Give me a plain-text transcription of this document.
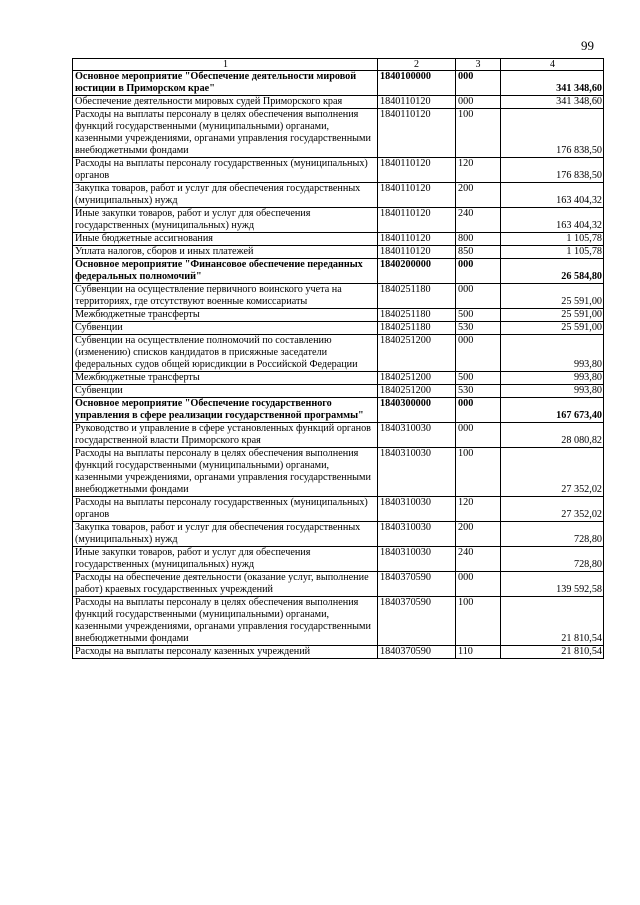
99
1	2	3	4
Основное мероприятие "Обеспечение деятельности мировой юстиции в Приморском крае"	1840100000	000	341 348,60
Обеспечение деятельности мировых судей Приморского края	1840110120	000	341 348,60
Расходы на выплаты персоналу в целях обеспечения выполнения функций государственными (муниципальными) органами, казенными учреждениями, органами управления государственными внебюджетными фондами	1840110120	100	176 838,50
Расходы на выплаты персоналу государственных (муниципальных) органов	1840110120	120	176 838,50
Закупка товаров, работ и услуг для обеспечения государственных (муниципальных) нужд	1840110120	200	163 404,32
Иные закупки товаров, работ и услуг для обеспечения государственных (муниципальных) нужд	1840110120	240	163 404,32
Иные бюджетные ассигнования	1840110120	800	1 105,78
Уплата налогов, сборов и иных платежей	1840110120	850	1 105,78
Основное мероприятие "Финансовое обеспечение переданных федеральных полномочий"	1840200000	000	26 584,80
Субвенции на осуществление первичного воинского учета на территориях, где отсутствуют военные комиссариаты	1840251180	000	25 591,00
Межбюджетные трансферты	1840251180	500	25 591,00
Субвенции	1840251180	530	25 591,00
Субвенции на осуществление полномочий по составлению (изменению) списков кандидатов в присяжные заседатели федеральных судов общей юрисдикции в Российской Федерации	1840251200	000	993,80
Межбюджетные трансферты	1840251200	500	993,80
Субвенции	1840251200	530	993,80
Основное мероприятие "Обеспечение государственного управления в сфере реализации государственной программы"	1840300000	000	167 673,40
Руководство и управление в сфере установленных функций органов государственной власти Приморского края	1840310030	000	28 080,82
Расходы на выплаты персоналу в целях обеспечения выполнения функций государственными (муниципальными) органами, казенными учреждениями, органами управления государственными внебюджетными фондами	1840310030	100	27 352,02
Расходы на выплаты персоналу государственных (муниципальных) органов	1840310030	120	27 352,02
Закупка товаров, работ и услуг для обеспечения государственных (муниципальных) нужд	1840310030	200	728,80
Иные закупки товаров, работ и услуг для обеспечения государственных (муниципальных) нужд	1840310030	240	728,80
Расходы на обеспечение деятельности (оказание услуг, выполнение работ) краевых государственных учреждений	1840370590	000	139 592,58
Расходы на выплаты персоналу в целях обеспечения выполнения функций государственными (муниципальными) органами, казенными учреждениями, органами управления государственными внебюджетными фондами	1840370590	100	21 810,54
Расходы на выплаты персоналу казенных учреждений	1840370590	110	21 810,54
